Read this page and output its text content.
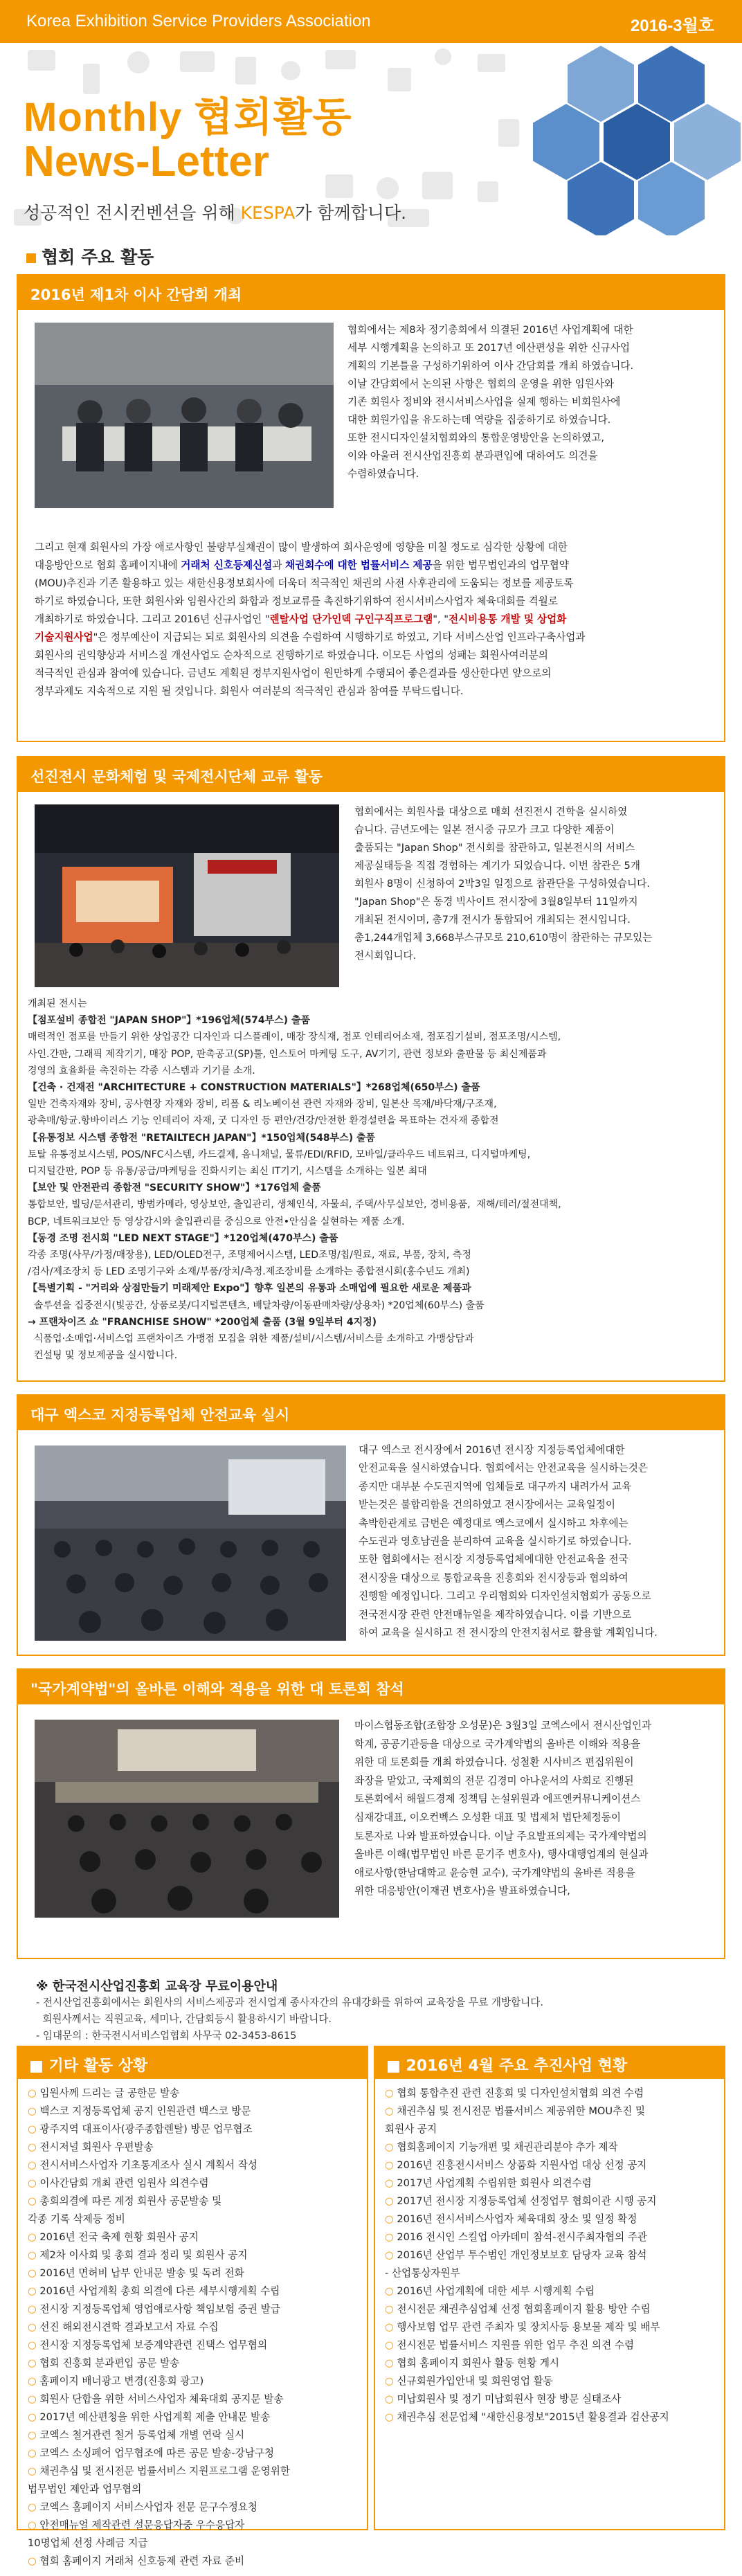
Korea Exhibition Service Providers Association	2016-3월호
Monthly 협회활동
News-Letter
성공적인 전시컨벤션을 위해 KESPA가 함께합니다.
협회 주요 활동
2016년 제1차 이사 간담회 개최
협회에서는 제8차 정기총회에서 의결된 2016년 사업계획에 대한
세부 시행계획을 논의하고 또 2017년 예산편성을 위한 신규사업
계획의 기본틀을 구성하기위하여 이사 간담회를 개최 하였습니다.
이날 간담회에서 논의된 사항은 협회의 운영을 위한 임원사와
기존 회원사 정비와 전시서비스사업을 실제 행하는 비회원사에
대한 회원가입을 유도하는데 역량을 집중하기로 하였습니다.
또한 전시디자인설치협회와의 통합운영방안을 논의하였고,
이와 아울러 전시산업진흥회 분과편입에 대하여도 의견을
수렴하였습니다.
그리고 현재 회원사의 가장 애로사항인 불량부실채권이 많이 발생하여 회사운영에 영향을 미칠 정도로 심각한 상황에 대한
대응방안으로 협회 홈페이지내에 거래처 신호등제신설과 채권회수에 대한 법률서비스 제공을 위한 법무법인과의 업무협약
(MOU)추진과 기존 활용하고 있는 새한신용정보회사에 더욱더 적극적인 채권의 사전 사후관리에 도움되는 정보를 제공토록
하기로 하였습니다, 또한 회원사와 임원사간의 화합과 정보교류를 촉진하기위하여 전시서비스사업자 체육대회를 격월로
개최하기로 하였습니다. 그리고 2016년 신규사업인 "렌탈사업 단가인덱 구인구직프로그램", "전시비용통 개발 및 상업화
기술지원사업"은 정부예산이 지급되는 되로 회원사의 의견을 수렴하여 시행하기로 하였고, 기타 서비스산업 인프라구축사업과
회원사의 권익향상과 서비스질 개선사업도 순차적으로 진행하기로 하였습니다. 이모든 사업의 성패는 회원사여러분의
적극적인 관심과 참여에 있습니다. 금년도 계획된 정부지원사업이 원만하게 수행되어 좋은결과를 생산한다면 앞으로의
정부과제도 지속적으로 지원 될 것입니다. 회원사 여러분의 적극적인 관심과 참여를 부탁드립니다.
선진전시 문화체험 및 국제전시단체 교류 활동
협회에서는 회원사를 대상으로 매회 선진전시 견학을 실시하였
습니다. 금년도에는 일본 전시중 규모가 크고 다양한 제품이
출품되는 "Japan Shop" 전시회를 참관하고, 일본전시의 서비스
제공실태등을 직접 경험하는 계기가 되었습니다. 이번 참관은 5개
회원사 8명이 신청하여 2박3일 일정으로 참관단을 구성하였습니다.
"Japan Shop"은 동경 빅사이트 전시장에 3월8일부터 11일까지
개최된 전시이며, 총7개 전시가 통합되어 개최되는 전시입니다.
총1,244개업체 3,668부스규모로 210,610명이 참관하는 규모있는
전시회입니다.
개최된 전시는
【점포설비 종합전 "JAPAN SHOP"】*196업체(574부스) 출품
매력적인 점포를 만들기 위한 상업공간 디자인과 디스플레이, 매장 장식재, 점포 인테리어소재, 점포집기설비, 점포조명/시스템,
사인.간판, 그래픽 제작기기, 매장 POP, 판촉공고(SP)툴, 인스토어 마케팅 도구, AV기기, 관련 정보와 출판물 등 최신제품과
경영의 효율화를 촉진하는 각종 시스템과 기기를 소개.
【건축 · 건재전 "ARCHITECTURE + CONSTRUCTION MATERIALS"】*268업체(650부스) 출품
일반 건축자재와 장비, 공사현장 자재와 장비, 리폼 & 리노베이션 관련 자재와 장비, 일본산 목재/바닥재/구조재,
광촉매/항균.항바이러스 기능 인테리어 자재, 굿 디자인 등 편안/건강/안전한 환경설련을 목표하는 건자재 종합전
【유통정보 시스템 종합전 "RETAILTECH JAPAN"】*150업체(548부스) 출품
토탈 유통정보시스템, POS/NFC시스템, 카드결제, 옴니채널, 물류/EDI/RFID, 모바일/클라우드 네트워크, 디지털마케팅,
디지털간판, POP 등 유통/공급/마케팅을 진화시키는 최신 IT기기, 시스템을 소개하는 일본 최대
【보안 및 안전관리 종합전 "SECURITY SHOW"】*176업체 출품
통합보안, 빌딩/문서관리, 방범카메라, 영상보안, 출입관리, 생체인식, 자물쇠, 주택/사무실보안, 경비용품,  재해/테러/절전대책,
BCP, 네트워크보안 등 영상감시와 출입관리를 중심으로 안전•안심을 실현하는 제품 소개.
【동경 조명 전시회 "LED NEXT STAGE"】*120업체(470부스) 출품
각종 조명(사무/가정/매장용), LED/OLED전구, 조명제어시스템, LED조명/칩/원료, 재료, 부품, 장치, 측정
/검사/제조장치 등 LED 조명기구와 소재/부품/장치/측정.제조장비를 소개하는 종합전시회(홍수년도 개최)
【특별기획 - "거리와 상점만들기 미래제안 Expo"】향후 일본의 유통과 소매업에 필요한 새로운 제품과
솔루션을 집중전시(빛공간, 상품로봇/디지털콘텐츠, 배달차량/이동판매차량/상용차) *20업체(60부스) 출품
→ 프랜차이즈 쇼 "FRANCHISE SHOW" *200업체 출품 (3월 9일부터 4지정)
식품업·소매업·서비스업 프랜차이즈 가맹점 모집을 위한 제품/설비/시스템/서비스를 소개하고 가맹상담과
컨설팅 및 정보제공을 실시합니다.
대구 엑스코 지정등록업체 안전교육 실시
대구 엑스코 전시장에서 2016년 전시장 지정등록업체에대한
안전교육을 실시하였습니다. 협회에서는 안전교육을 실시하는것은
종지만 대부분 수도권지역에 업체들로 대구까지 내려가서 교육
받는것은 불합리함을 건의하였고 전시장에서는 교육일정이
촉박한관계로 금번은 예정대로 엑스코에서 실시하고 차후에는
수도권과 영호남권을 분리하여 교육을 실시하기로 하였습니다.
또한 협회에서는 전시장 지정등록업체에대한 안전교육을 전국
전시장을 대상으로 통합교육을 진흥회와 전시장등과 협의하여
진행할 예정입니다. 그리고 우리협회와 디자인설치협회가 공동으로
전국전시장 관련 안전매뉴얼을 제작하였습니다. 이를 기반으로
하여 교육을 실시하고 전 전시장의 안전지침서로 활용할 계획입니다.
"국가계약법"의 올바른 이해와 적용을 위한 대 토론회 참석
마이스협동조합(조합장 오성문)은 3월3일 코엑스에서 전시산업인과
학계, 공공기관등을 대상으로 국가계약법의 올바른 이해와 적용을
위한 대 토론회를 개최 하였습니다. 성철환 시사비즈 편집위원이
좌장을 맡았고, 국제회의 전문 김경미 아나운서의 사회로 진행된
토론회에서 해월드경제 정책팀 논설위원과 에프엔커뮤니케이션스
심재강대표, 이오컨벡스 오성환 대표 및 법제처 법단체정동이
토론자로 나와 발표하였습니다. 이날 주요발표의제는 국가계약법의
올바른 이해(법무법인 바른 문기주 변호사), 행사대행업계의 현실과
애로사항(한남대학교 윤승현 교수), 국가계약법의 올바른 적용을
위한 대응방안(이재권 변호사)을 발표하였습니다,
※ 한국전시산업진흥회 교육장 무료이용안내
- 전시산업진흥회에서는 회원사의 서비스제공과 전시업계 종사자간의 유대강화를 위하여 교육장을 무료 개방합니다.
회원사께서는 직원교육, 세미나, 간담회등시 활용하시기 바랍니다.
- 임대문의 : 한국전시서비스업협회 사무국 02-3453-8615
■ 기타 활동 상황
○ 임원사께 드리는 글 공한문 발송
○ 백스코 지정등록업체 공지 인원관련 백스코 방문
○ 광주지역 대표이사(광주종합렌탈) 방문 업무협조
○ 전시저널 회원사 우편발송
○ 전시서비스사업자 기초통계조사 실시 계획서 작성
○ 이사간담회 개최 관련 임원사 의견수렴
○ 총회의결에 따른 계정 회원사 공문발송 및
각종 기록 삭제등 정비
○ 2016년 전국 축제 현황 회원사 공지
○ 제2차 이사회 및 총회 결과 정리 및 회원사 공지
○ 2016년 면허비 납부 안내문 발송 및 독려 전화
○ 2016년 사업계획 총회 의결에 다른 세부시행계획 수립
○ 전시장 지정등록업체 영업애로사항 책임보험 증권 발급
○ 선진 해외전시견학 결과보고서 자료 수집
○ 전시장 지정등록업체 보증계약관련 진택스 업무협의
○ 협회 진흥회 분과편입 공문 발송
○ 홈페이지 배너광고 변경(진흥회 광고)
○ 회원사 단합을 위한 서비스사업자 체육대회 공지문 발송
○ 2017년 예산편청을 위한 사업계획 제출 안내문 발송
○ 코엑스 철거관련 철거 등록업체 개별 연락 실시
○ 코엑스 소싱페어 업무협조에 따른 공문 발송-강남구청
○ 채권추심 및 전시전문 법률서비스 지원프로그램 운영위한
법무법인 제안과 업무협의
○ 코엑스 홈페이지 서비스사업자 전문 문구수정요청
○ 안전매뉴얼 제작관련 설문응답자중 우수응답자
10명업체 선정 사례금 지급
○ 협회 홈페이지 거래처 신호등제 관련 자료 준비
■ 2016년 4월 주요 추진사업 현황
○ 협회 통합추진 관련 진흥회 및 디자인설치협회 의견 수렴
○ 채권추심 및 전시전문 법률서비스 제공위한 MOU추진 및
회원사 공지
○ 협회홈페이지 기능개편 및 채권관리분야 추가 제작
○ 2016년 진흥전시서비스 상품화 지원사업 대상 선정 공지
○ 2017년 사업계획 수립위한 회원사 의견수렴
○ 2017년 전시장 지정등록업체 선정업무 협회이관 시행 공지
○ 2016년 전시서비스사업자 체육대회 장소 및 일정 확정
○ 2016 전시인 스킬업 아카데미 참석-전시주최자협의 주관
○ 2016년 산업부 투수범인 개인정보보호 담당자 교육 참석
- 산업통상자원부
○ 2016년 사업계획에 대한 세부 시행계획 수립
○ 전시전문 채권추심업체 선정 협회홈페이지 활용 방안 수립
○ 행사보험 업무 관련 주최자 및 장치사등 용보물 제작 및 배부
○ 전시전문 법률서비스 지원를 위한 업무 추진 의견 수렴
○ 협회 홈페이지 회원사 활동 현황 게시
○ 신규회원가입안내 및 회원영업 활동
○ 미납회원사 및 정기 미납회원사 현장 방문 실태조사
○ 채권추심 전문업체 "새한신용정보"2015년 활용결과 검산공지
